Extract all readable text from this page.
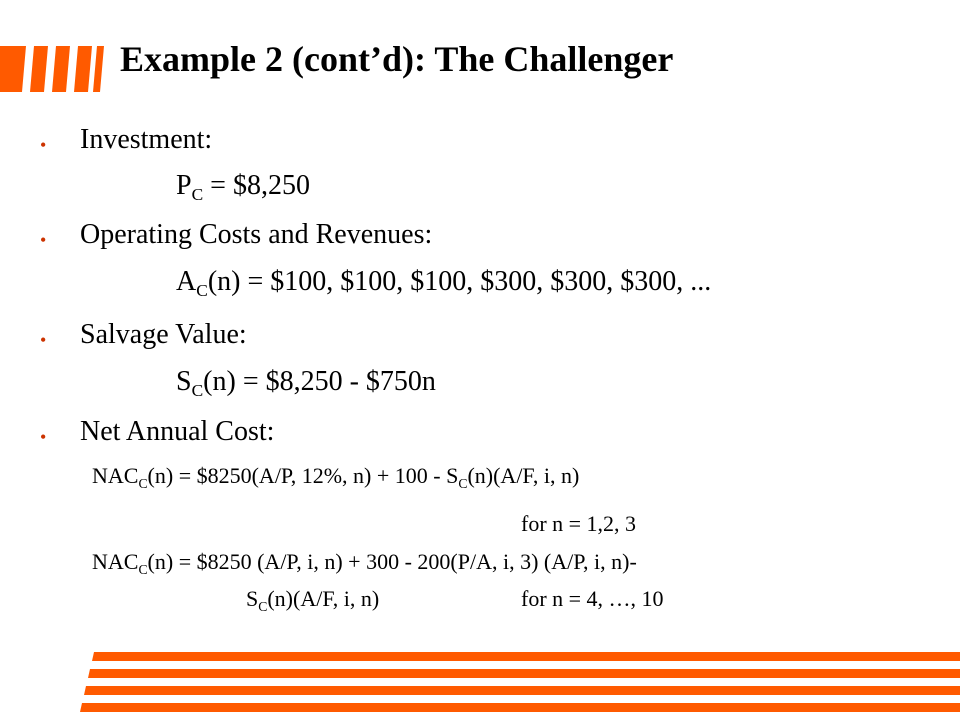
Example 2 (cont’d): The Challenger
• Investment:
$P_C$ = $8,250
• Operating Costs and Revenues:
$A_C(n)$ = $100, $100, $100, $300, $300, $300, ...
• Salvage Value:
$S_C(n)$ = $8,250 - $750n
• Net Annual Cost:
$NAC_C(n)$ = $8250(A/P, 12%, $n) + 100 - S_C(n)(A/F$, i, n)
for n = 1,2, 3
$NAC_C(n)$ = $8250 (A/P, i, n) + 300 - 200(P/A, i, 3) (A/P, i, n)-
$S_C(n)(A/F$, i, n)	for n = 4, …, 10
